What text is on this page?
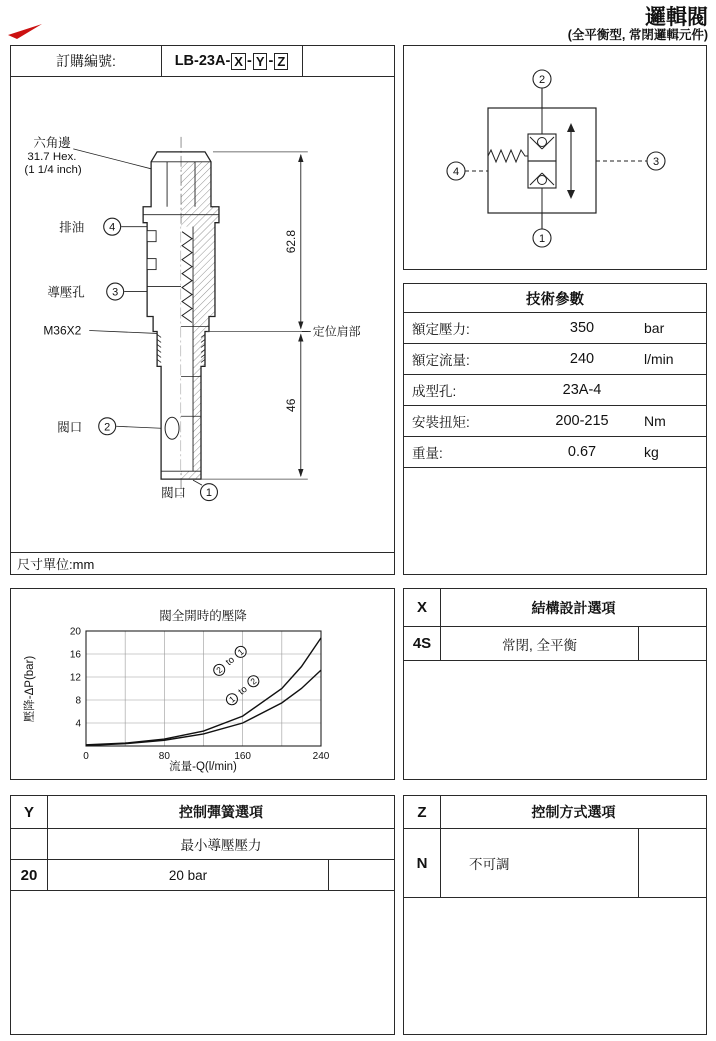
邏輯閥
(全平衡型, 常閉邏輯元件)
訂購編號:	LB-23A- X - Y - Z
62.8
46
定位肩部
六角邊
31.7 Hex.
(1 1/4 inch)
排油 4
導壓孔 3
M36X2
閥口 2
閥口 1
尺寸單位:mm
2
1
3
4
技術參數
額定壓力:	350	bar
額定流量:	240	l/min
成型孔:	23A-4
安裝扭矩:	200-215	Nm
重量:	0.67	kg
閥全開時的壓降
流量-Q(l/min)
壓降-ΔP(bar)
0	80	160	240
4
8
12
16
20
2
to
1
1
to
2
X	結構設計選項
4S	常閉, 全平衡
Y	控制彈簧選項
最小導壓壓力
20	20 bar
Z	控制方式選項
N	不可調
